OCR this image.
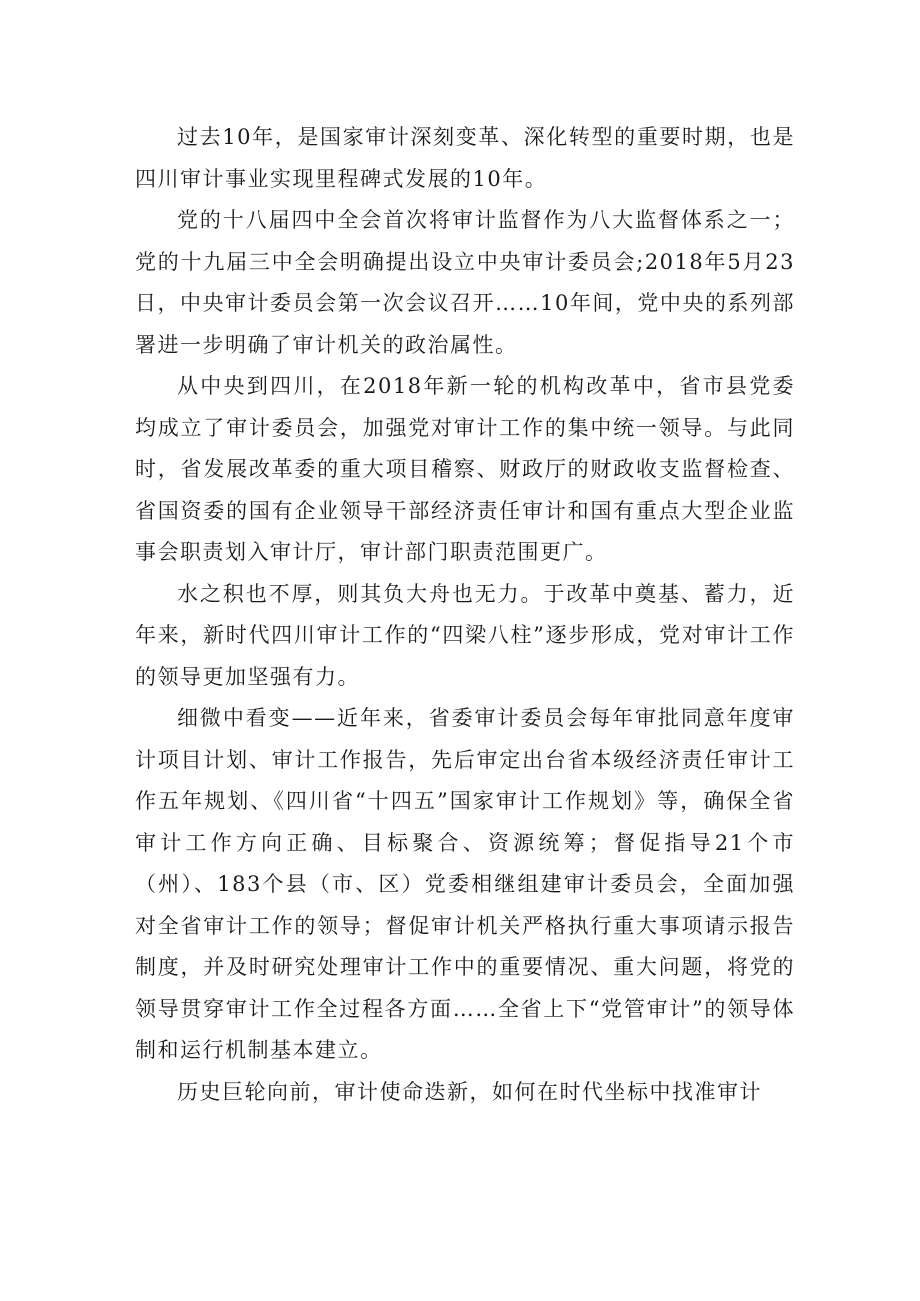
过去10年，是国家审计深刻变革、深化转型的重要时期，也是四川审计事业实现里程碑式发展的10年。

党的十八届四中全会首次将审计监督作为八大监督体系之一；党的十九届三中全会明确提出设立中央审计委员会;2018年5月23日，中央审计委员会第一次会议召开……10年间，党中央的系列部署进一步明确了审计机关的政治属性。

从中央到四川，在2018年新一轮的机构改革中，省市县党委均成立了审计委员会，加强党对审计工作的集中统一领导。与此同时，省发展改革委的重大项目稽察、财政厅的财政收支监督检查、省国资委的国有企业领导干部经济责任审计和国有重点大型企业监事会职责划入审计厅，审计部门职责范围更广。

水之积也不厚，则其负大舟也无力。于改革中奠基、蓄力，近年来，新时代四川审计工作的“四梁八柱”逐步形成，党对审计工作的领导更加坚强有力。

细微中看变——近年来，省委审计委员会每年审批同意年度审计项目计划、审计工作报告，先后审定出台省本级经济责任审计工作五年规划、《四川省“十四五”国家审计工作规划》等，确保全省审计工作方向正确、目标聚合、资源统筹；督促指导21个市（州）、183个县（市、区）党委相继组建审计委员会，全面加强对全省审计工作的领导；督促审计机关严格执行重大事项请示报告制度，并及时研究处理审计工作中的重要情况、重大问题，将党的领导贯穿审计工作全过程各方面……全省上下“党管审计”的领导体制和运行机制基本建立。

历史巨轮向前，审计使命迭新，如何在时代坐标中找准审计
